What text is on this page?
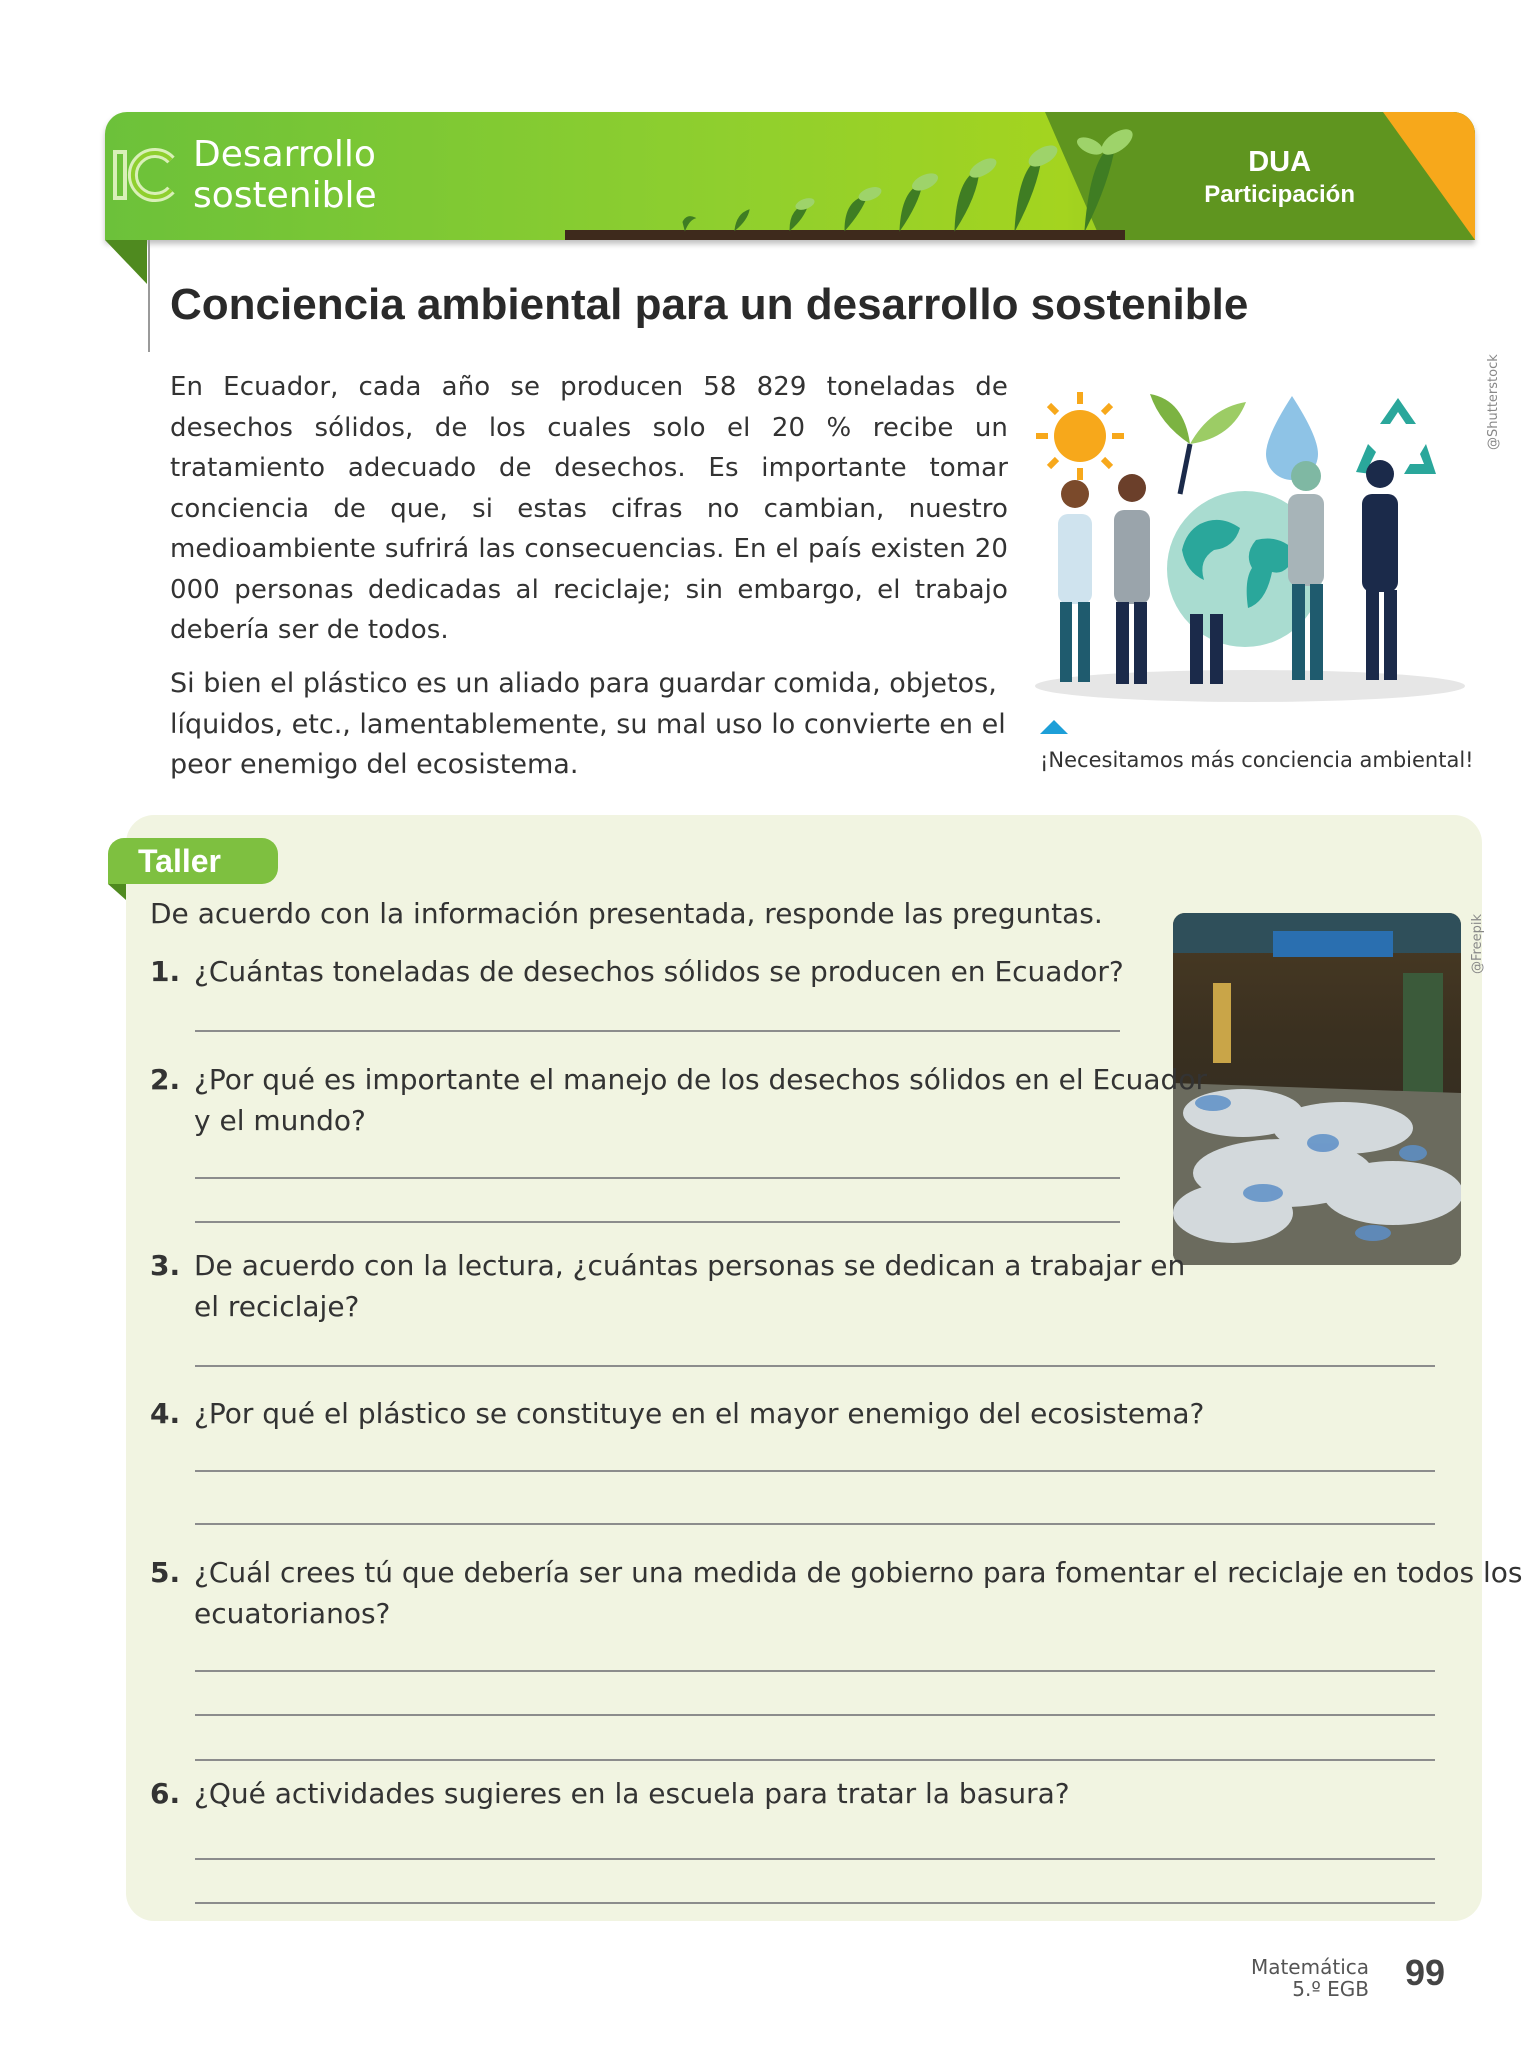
Desarrollo
sostenible
DUA
Participación
Conciencia ambiental para un desarrollo sostenible

En Ecuador, cada año se producen 58 829 toneladas de desechos sólidos, de los cuales solo el 20 % recibe un tratamiento adecuado de desechos. Es importante tomar conciencia de que, si estas cifras no cambian, nuestro medioambiente sufrirá las consecuencias. En el país existen 20 000 personas dedicadas al reciclaje; sin embargo, el trabajo debería ser de todos.

Si bien el plástico es un aliado para guardar comida, objetos, líquidos, etc., lamentablemente, su mal uso lo convierte en el peor enemigo del ecosistema.

@Shutterstock
¡Necesitamos más conciencia ambiental!
Taller
De acuerdo con la información presentada, responde las preguntas.
@Freepik
1. ¿Cuántas toneladas de desechos sólidos se producen en Ecuador?
2. ¿Por qué es importante el manejo de los desechos sólidos en el Ecuador
y el mundo?
3. De acuerdo con la lectura, ¿cuántas personas se dedican a trabajar en
el reciclaje?
4. ¿Por qué el plástico se constituye en el mayor enemigo del ecosistema?
5. ¿Cuál crees tú que debería ser una medida de gobierno para fomentar el reciclaje en todos los
ecuatorianos?
6. ¿Qué actividades sugieres en la escuela para tratar la basura?
Matemática
5.º EGB 99
